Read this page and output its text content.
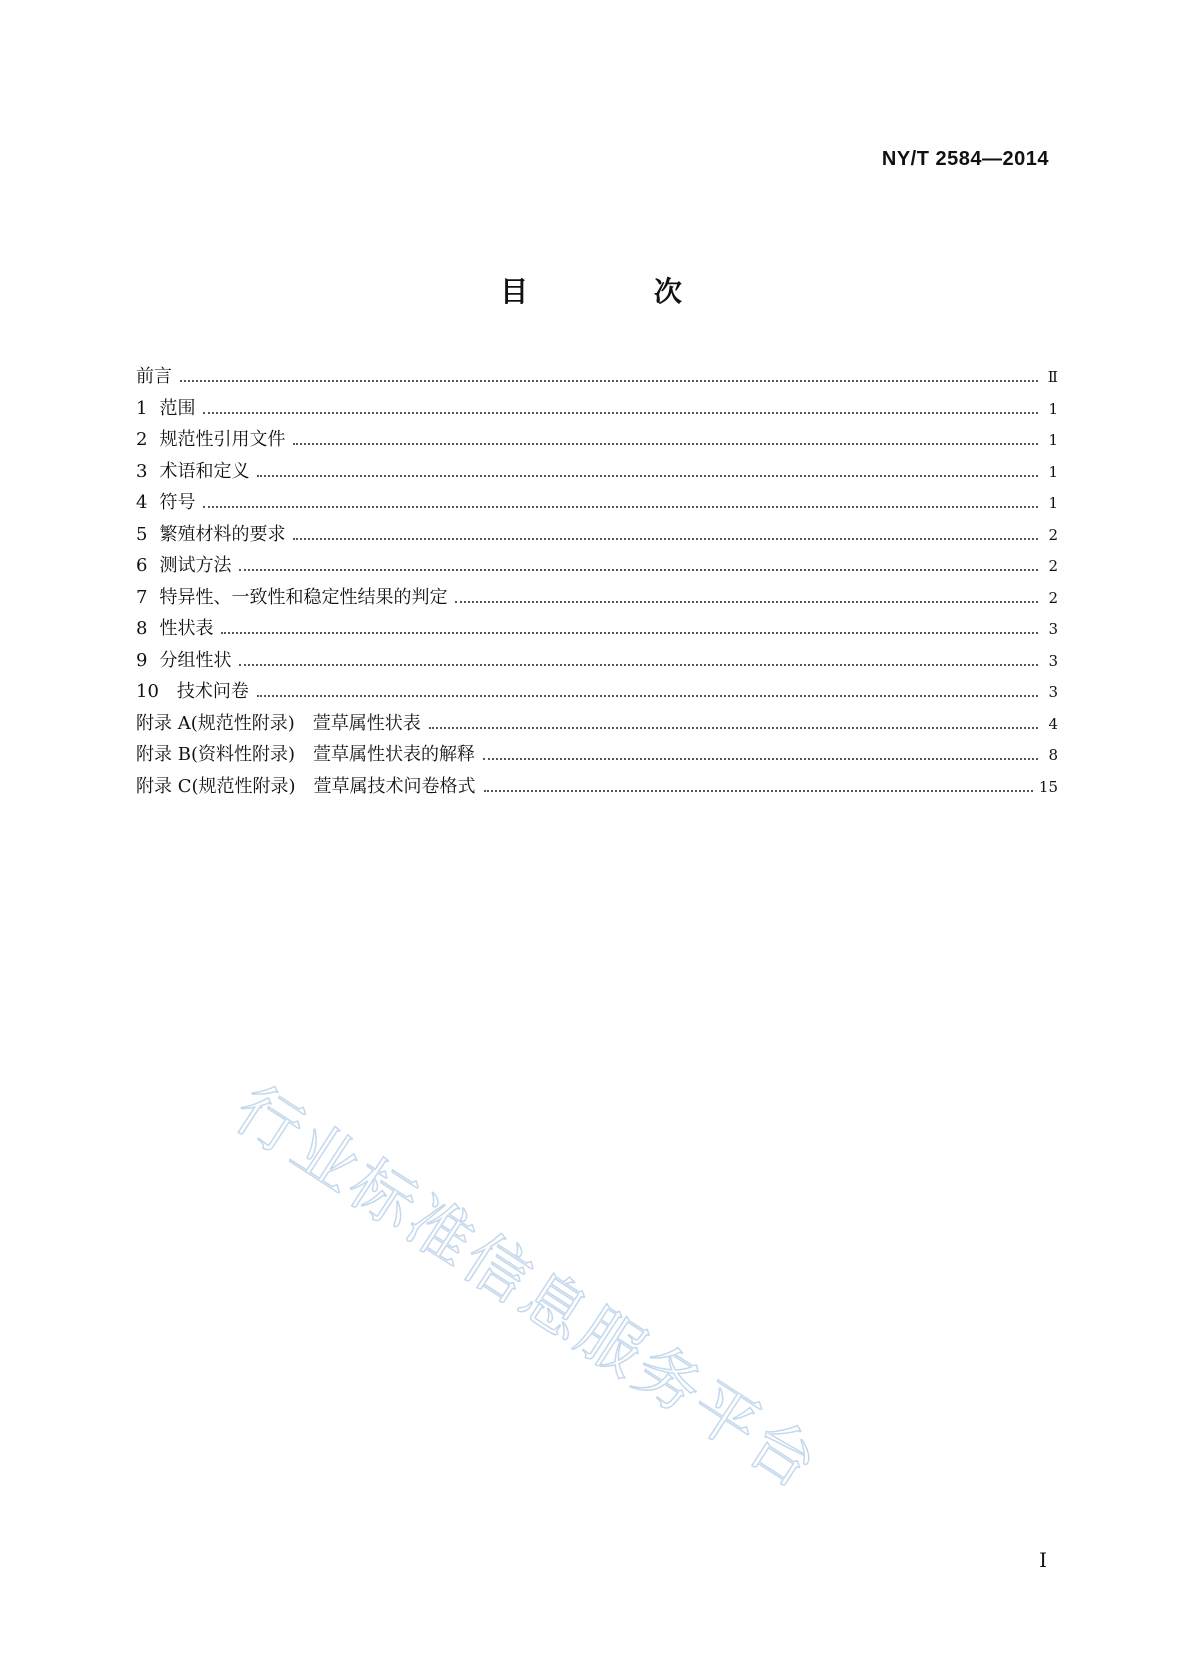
NY/T 2584—2014
目 次
前言	Ⅱ
1 范围	1
2 规范性引用文件	1
3 术语和定义	1
4 符号	1
5 繁殖材料的要求	2
6 测试方法	2
7 特异性、一致性和稳定性结果的判定	2
8 性状表	3
9 分组性状	3
10 技术问卷	3
附录 A(规范性附录)　萱草属性状表	4
附录 B(资料性附录)　萱草属性状表的解释	8
附录 C(规范性附录)　萱草属技术问卷格式	15
行业标准信息服务平台
I
